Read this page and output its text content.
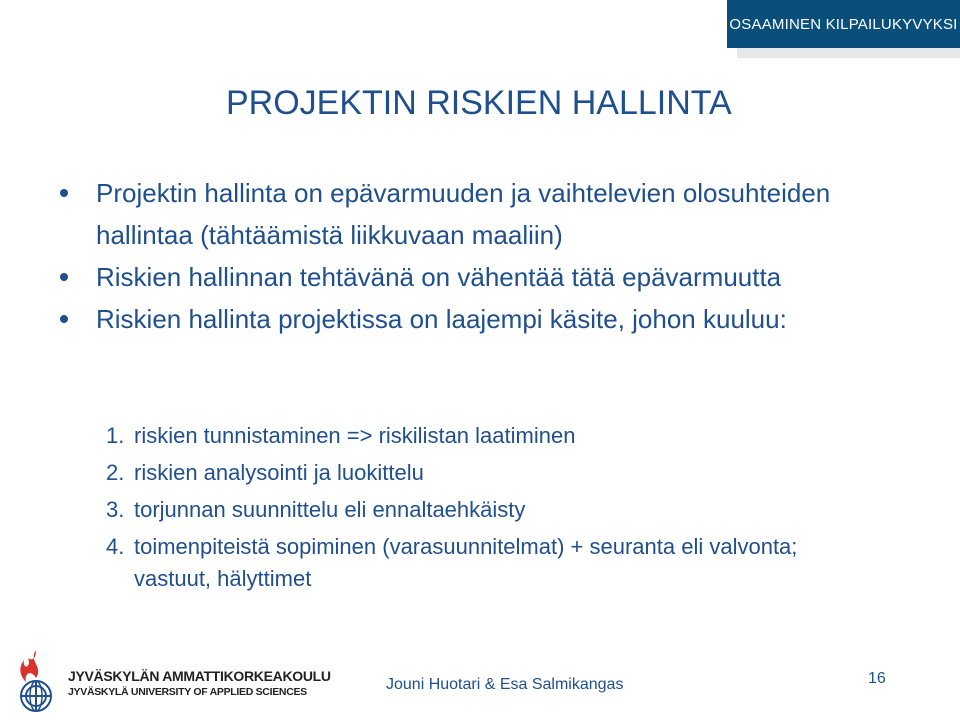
OSAAMINEN KILPAILUKYVYKSI
PROJEKTIN RISKIEN HALLINTA
Projektin hallinta on epävarmuuden ja vaihtelevien olosuhteiden hallintaa (tähtäämistä liikkuvaan maaliin)
Riskien hallinnan tehtävänä on vähentää tätä epävarmuutta
Riskien hallinta projektissa on laajempi käsite, johon kuuluu:
1. riskien tunnistaminen => riskilistan laatiminen
2. riskien analysointi ja luokittelu
3. torjunnan suunnittelu eli ennaltaehkäisty
4. toimenpiteistä sopiminen (varasuunnitelmat) + seuranta eli valvonta; vastuut, hälyttimet
JYVÄSKYLÄN AMMATTIKORKEAKOULU
JYVÄSKYLÄ UNIVERSITY OF APPLIED SCIENCES	Jouni Huotari & Esa Salmikangas	16
